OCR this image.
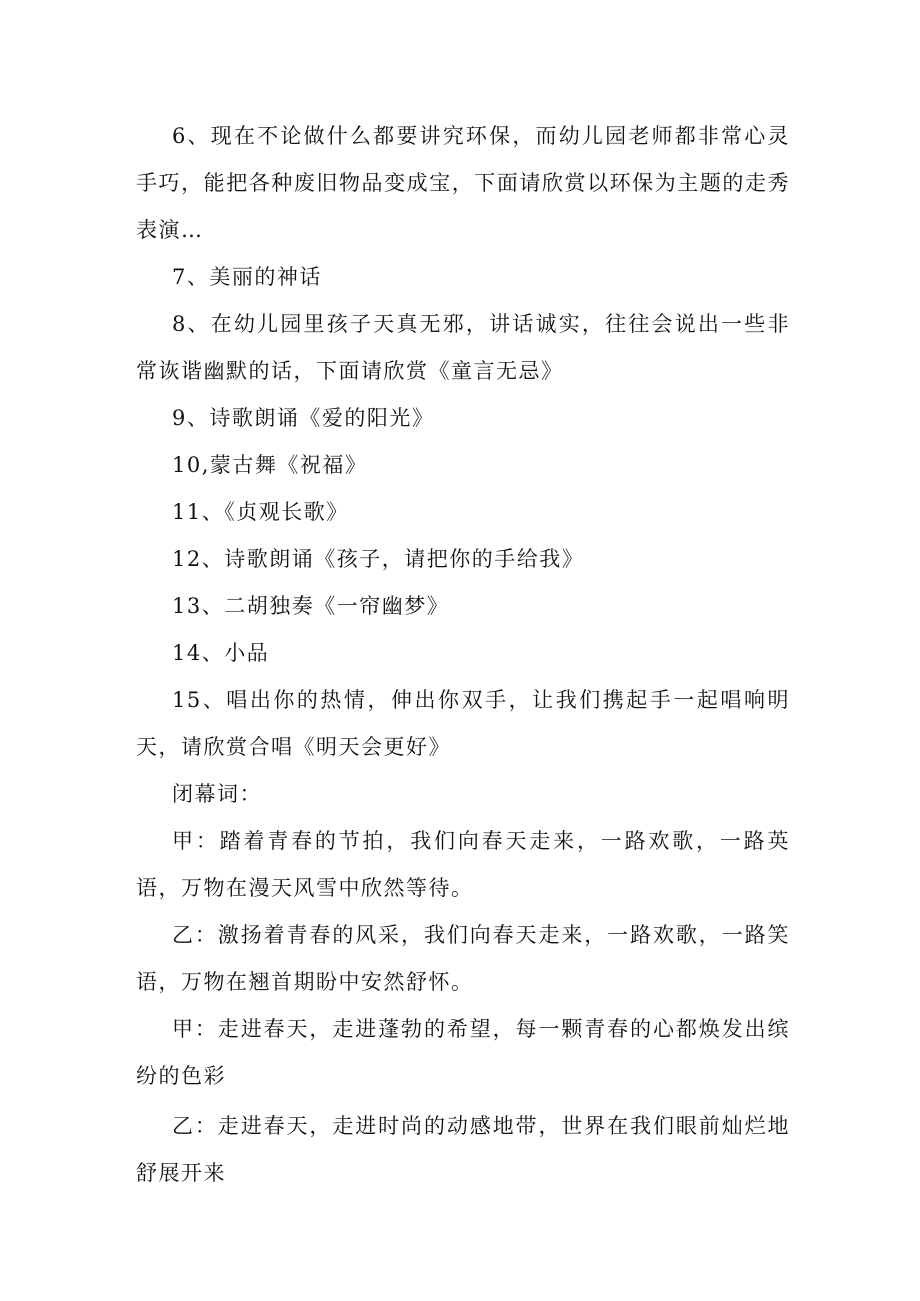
6、现在不论做什么都要讲究环保，而幼儿园老师都非常心灵手巧，能把各种废旧物品变成宝，下面请欣赏以环保为主题的走秀表演…

7、美丽的神话

8、在幼儿园里孩子天真无邪，讲话诚实，往往会说出一些非常诙谐幽默的话，下面请欣赏《童言无忌》

9、诗歌朗诵《爱的阳光》

10,蒙古舞《祝福》

11、《贞观长歌》

12、诗歌朗诵《孩子，请把你的手给我》

13、二胡独奏《一帘幽梦》

14、小品

15、唱出你的热情，伸出你双手，让我们携起手一起唱响明天，请欣赏合唱《明天会更好》

闭幕词：

甲：踏着青春的节拍，我们向春天走来，一路欢歌，一路英语，万物在漫天风雪中欣然等待。

乙：激扬着青春的风采，我们向春天走来，一路欢歌，一路笑语，万物在翘首期盼中安然舒怀。

甲：走进春天，走进蓬勃的希望，每一颗青春的心都焕发出缤纷的色彩

乙：走进春天，走进时尚的动感地带，世界在我们眼前灿烂地舒展开来
